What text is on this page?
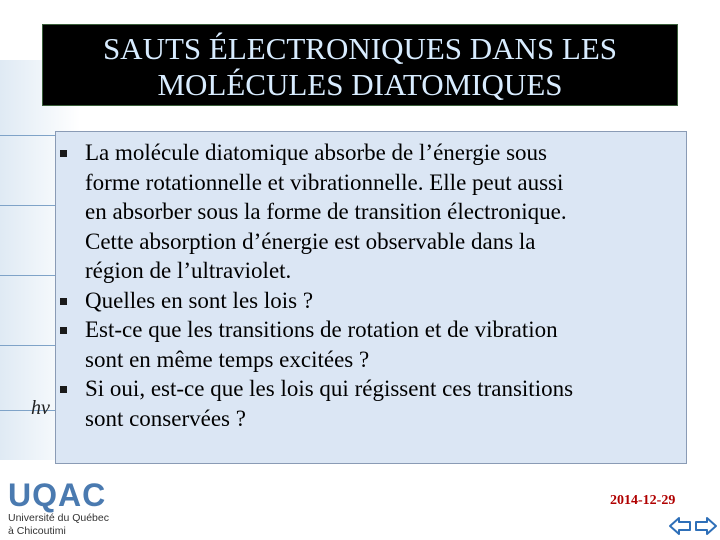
SAUTS ÉLECTRONIQUES DANS LES
MOLÉCULES DIATOMIQUES
hv
La molécule diatomique absorbe de l’énergie sous
forme rotationnelle et vibrationnelle. Elle peut aussi
en absorber sous la forme de transition électronique.
Cette absorption d’énergie est observable dans la
région de l’ultraviolet.
Quelles en sont les lois ?
Est-ce que les transitions de rotation et de vibration
sont en même temps excitées ?
Si oui, est-ce que les lois qui régissent ces transitions
sont conservées ?
UQAC
Université du Québec
à Chicoutimi
2014-12-29
